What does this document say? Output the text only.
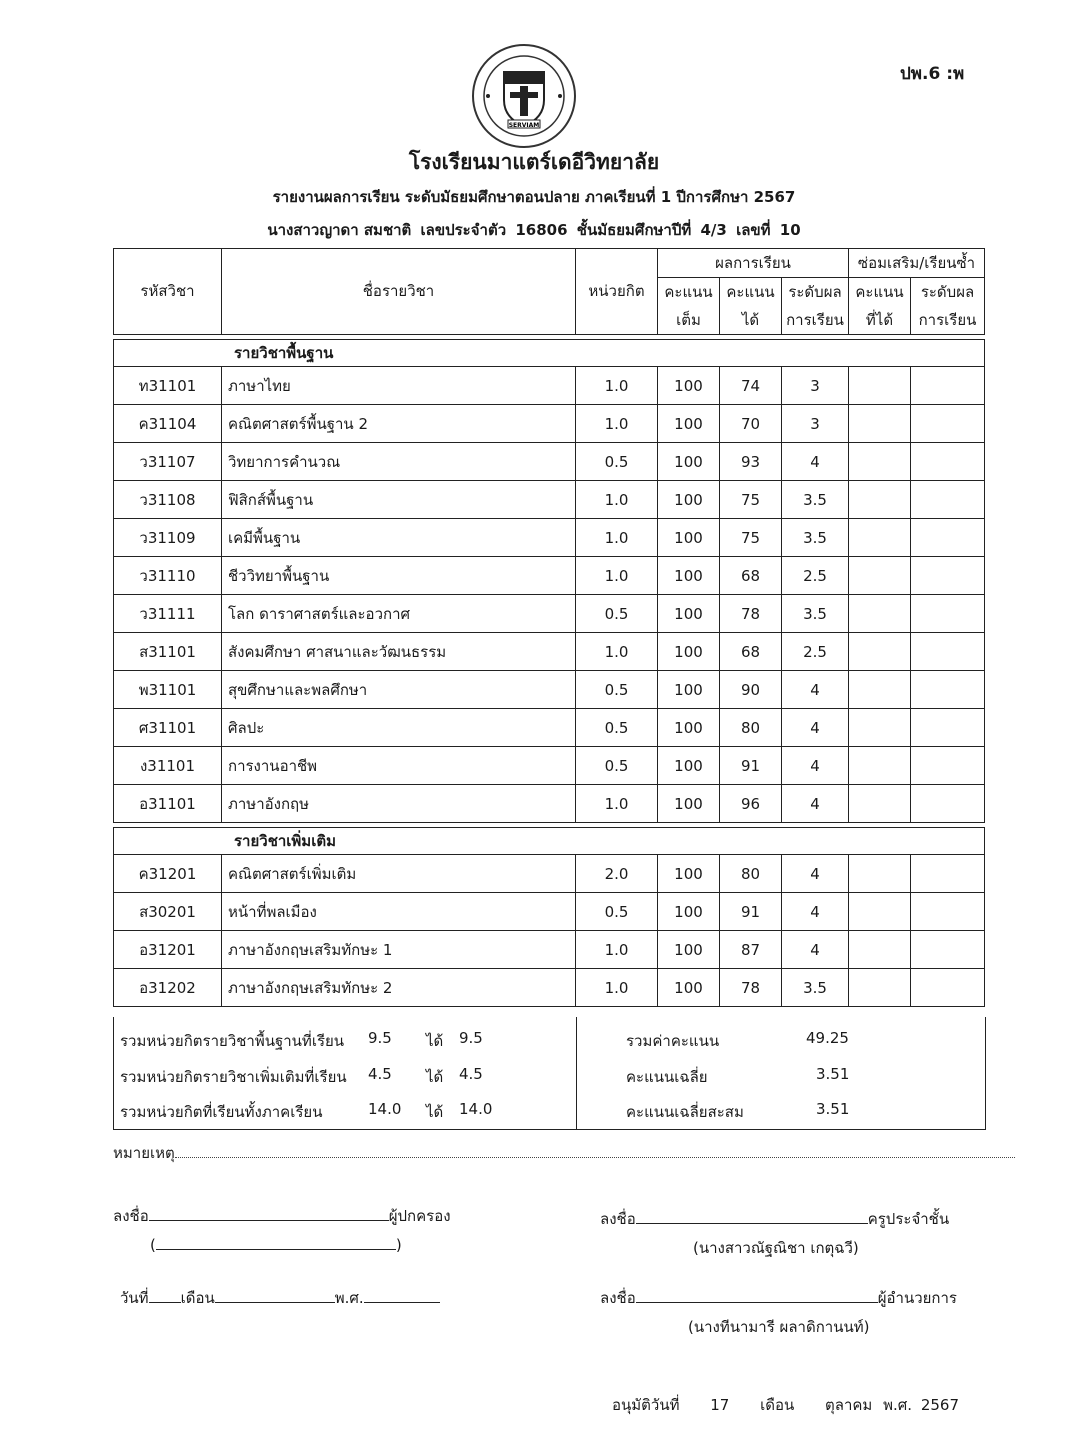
ปพ.6 :พ
SERVIAM
โรงเรียนมาแตร์เดอีวิทยาลัย
รายงานผลการเรียน ระดับมัธยมศึกษาตอนปลาย ภาคเรียนที่ 1 ปีการศึกษา 2567
นางสาวญาดา สมชาติ เลขประจำตัว 16806 ชั้นมัธยมศึกษาปีที่ 4/3 เลขที่ 10
รหัสวิชา	ชื่อรายวิชา	หน่วยกิต	ผลการเรียน			ซ่อมเสริม/เรียนซ้ำ	
			คะแนน	คะแนน	ระดับผล	คะแนน	ระดับผล
			เต็ม	ได้	การเรียน	ที่ได้	การเรียน

รายวิชาพื้นฐาน							
ท31101	ภาษาไทย	1.0	100	74	3		
ค31104	คณิตศาสตร์พื้นฐาน 2	1.0	100	70	3		
ว31107	วิทยาการคำนวณ	0.5	100	93	4		
ว31108	ฟิสิกส์พื้นฐาน	1.0	100	75	3.5		
ว31109	เคมีพื้นฐาน	1.0	100	75	3.5		
ว31110	ชีววิทยาพื้นฐาน	1.0	100	68	2.5		
ว31111	โลก ดาราศาสตร์และอวกาศ	0.5	100	78	3.5		
ส31101	สังคมศึกษา ศาสนาและวัฒนธรรม	1.0	100	68	2.5		
พ31101	สุขศึกษาและพลศึกษา	0.5	100	90	4		
ศ31101	ศิลปะ	0.5	100	80	4		
ง31101	การงานอาชีพ	0.5	100	91	4		
อ31101	ภาษาอังกฤษ	1.0	100	96	4		

รายวิชาเพิ่มเติม							
ค31201	คณิตศาสตร์เพิ่มเติม	2.0	100	80	4		
ส30201	หน้าที่พลเมือง	0.5	100	91	4		
อ31201	ภาษาอังกฤษเสริมทักษะ 1	1.0	100	87	4		
อ31202	ภาษาอังกฤษเสริมทักษะ 2	1.0	100	78	3.5		
รวมหน่วยกิตรายวิชาพื้นฐานที่เรียน 9.5 ได้ 9.5
รวมหน่วยกิตรายวิชาเพิ่มเติมที่เรียน 4.5 ได้ 4.5
รวมหน่วยกิตที่เรียนทั้งภาคเรียน	14.0 ได้ 14.0
รวมค่าคะแนน	49.25
คะแนนเฉลี่ย	3.51
คะแนนเฉลี่ยสะสม	3.51
หมายเหตุ
ลงชื่อ	ผู้ปกครอง
(	)
วันที่ เดือน	พ.ศ.
ลงชื่อ	ครูประจำชั้น
(นางสาวณัฐณิชา เกตุฉวี)
ลงชื่อ	ผู้อำนวยการ
(นางทีนามารี ผลาดิกานนท์)
อนุมัติวันที่ 17 เดือน ตุลาคม พ.ศ. 2567
